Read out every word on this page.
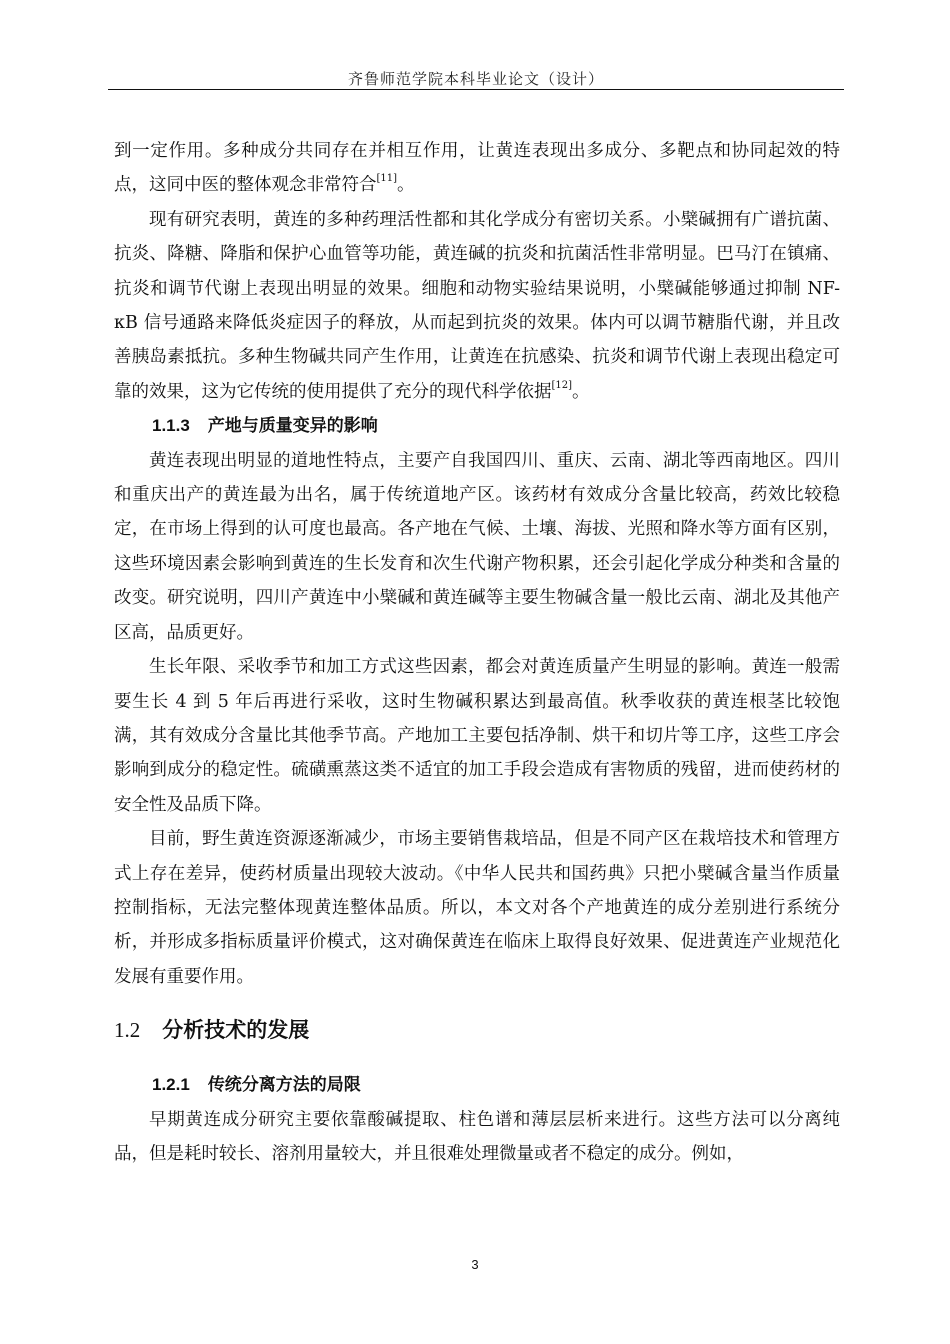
齐鲁师范学院本科毕业论文（设计）

到一定作用。多种成分共同存在并相互作用，让黄连表现出多成分、多靶点和协同起效的特点，这同中医的整体观念非常符合[11]。

现有研究表明，黄连的多种药理活性都和其化学成分有密切关系。小檗碱拥有广谱抗菌、抗炎、降糖、降脂和保护心血管等功能，黄连碱的抗炎和抗菌活性非常明显。巴马汀在镇痛、抗炎和调节代谢上表现出明显的效果。细胞和动物实验结果说明，小檗碱能够通过抑制 NF-κB 信号通路来降低炎症因子的释放，从而起到抗炎的效果。体内可以调节糖脂代谢，并且改善胰岛素抵抗。多种生物碱共同产生作用，让黄连在抗感染、抗炎和调节代谢上表现出稳定可靠的效果，这为它传统的使用提供了充分的现代科学依据[12]。

1.1.3 产地与质量变异的影响

黄连表现出明显的道地性特点，主要产自我国四川、重庆、云南、湖北等西南地区。四川和重庆出产的黄连最为出名，属于传统道地产区。该药材有效成分含量比较高，药效比较稳定，在市场上得到的认可度也最高。各产地在气候、土壤、海拔、光照和降水等方面有区别，这些环境因素会影响到黄连的生长发育和次生代谢产物积累，还会引起化学成分种类和含量的改变。研究说明，四川产黄连中小檗碱和黄连碱等主要生物碱含量一般比云南、湖北及其他产区高，品质更好。

生长年限、采收季节和加工方式这些因素，都会对黄连质量产生明显的影响。黄连一般需要生长 4 到 5 年后再进行采收，这时生物碱积累达到最高值。秋季收获的黄连根茎比较饱满，其有效成分含量比其他季节高。产地加工主要包括净制、烘干和切片等工序，这些工序会影响到成分的稳定性。硫磺熏蒸这类不适宜的加工手段会造成有害物质的残留，进而使药材的安全性及品质下降。

目前，野生黄连资源逐渐减少，市场主要销售栽培品，但是不同产区在栽培技术和管理方式上存在差异，使药材质量出现较大波动。《中华人民共和国药典》只把小檗碱含量当作质量控制指标，无法完整体现黄连整体品质。所以，本文对各个产地黄连的成分差别进行系统分析，并形成多指标质量评价模式，这对确保黄连在临床上取得良好效果、促进黄连产业规范化发展有重要作用。

1.2 分析技术的发展
1.2.1 传统分离方法的局限

早期黄连成分研究主要依靠酸碱提取、柱色谱和薄层层析来进行。这些方法可以分离纯品，但是耗时较长、溶剂用量较大，并且很难处理微量或者不稳定的成分。例如，

3
